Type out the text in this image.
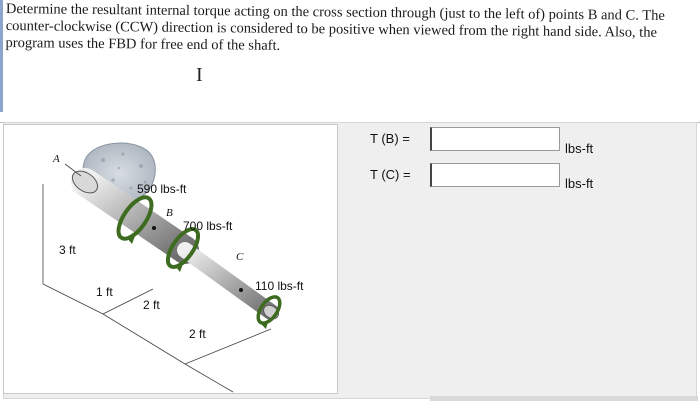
Determine the resultant internal torque acting on the cross section through (just to the left of) points B and C. The counter-clockwise (CCW) direction is considered to be positive when viewed from the right hand side. Also, the program uses the FBD for free end of the shaft.
I
A
B
C
590 lbs-ft
700 lbs-ft
110 lbs-ft
3 ft
1 ft
2 ft
2 ft
T (B) =
lbs-ft
T (C) =
lbs-ft
